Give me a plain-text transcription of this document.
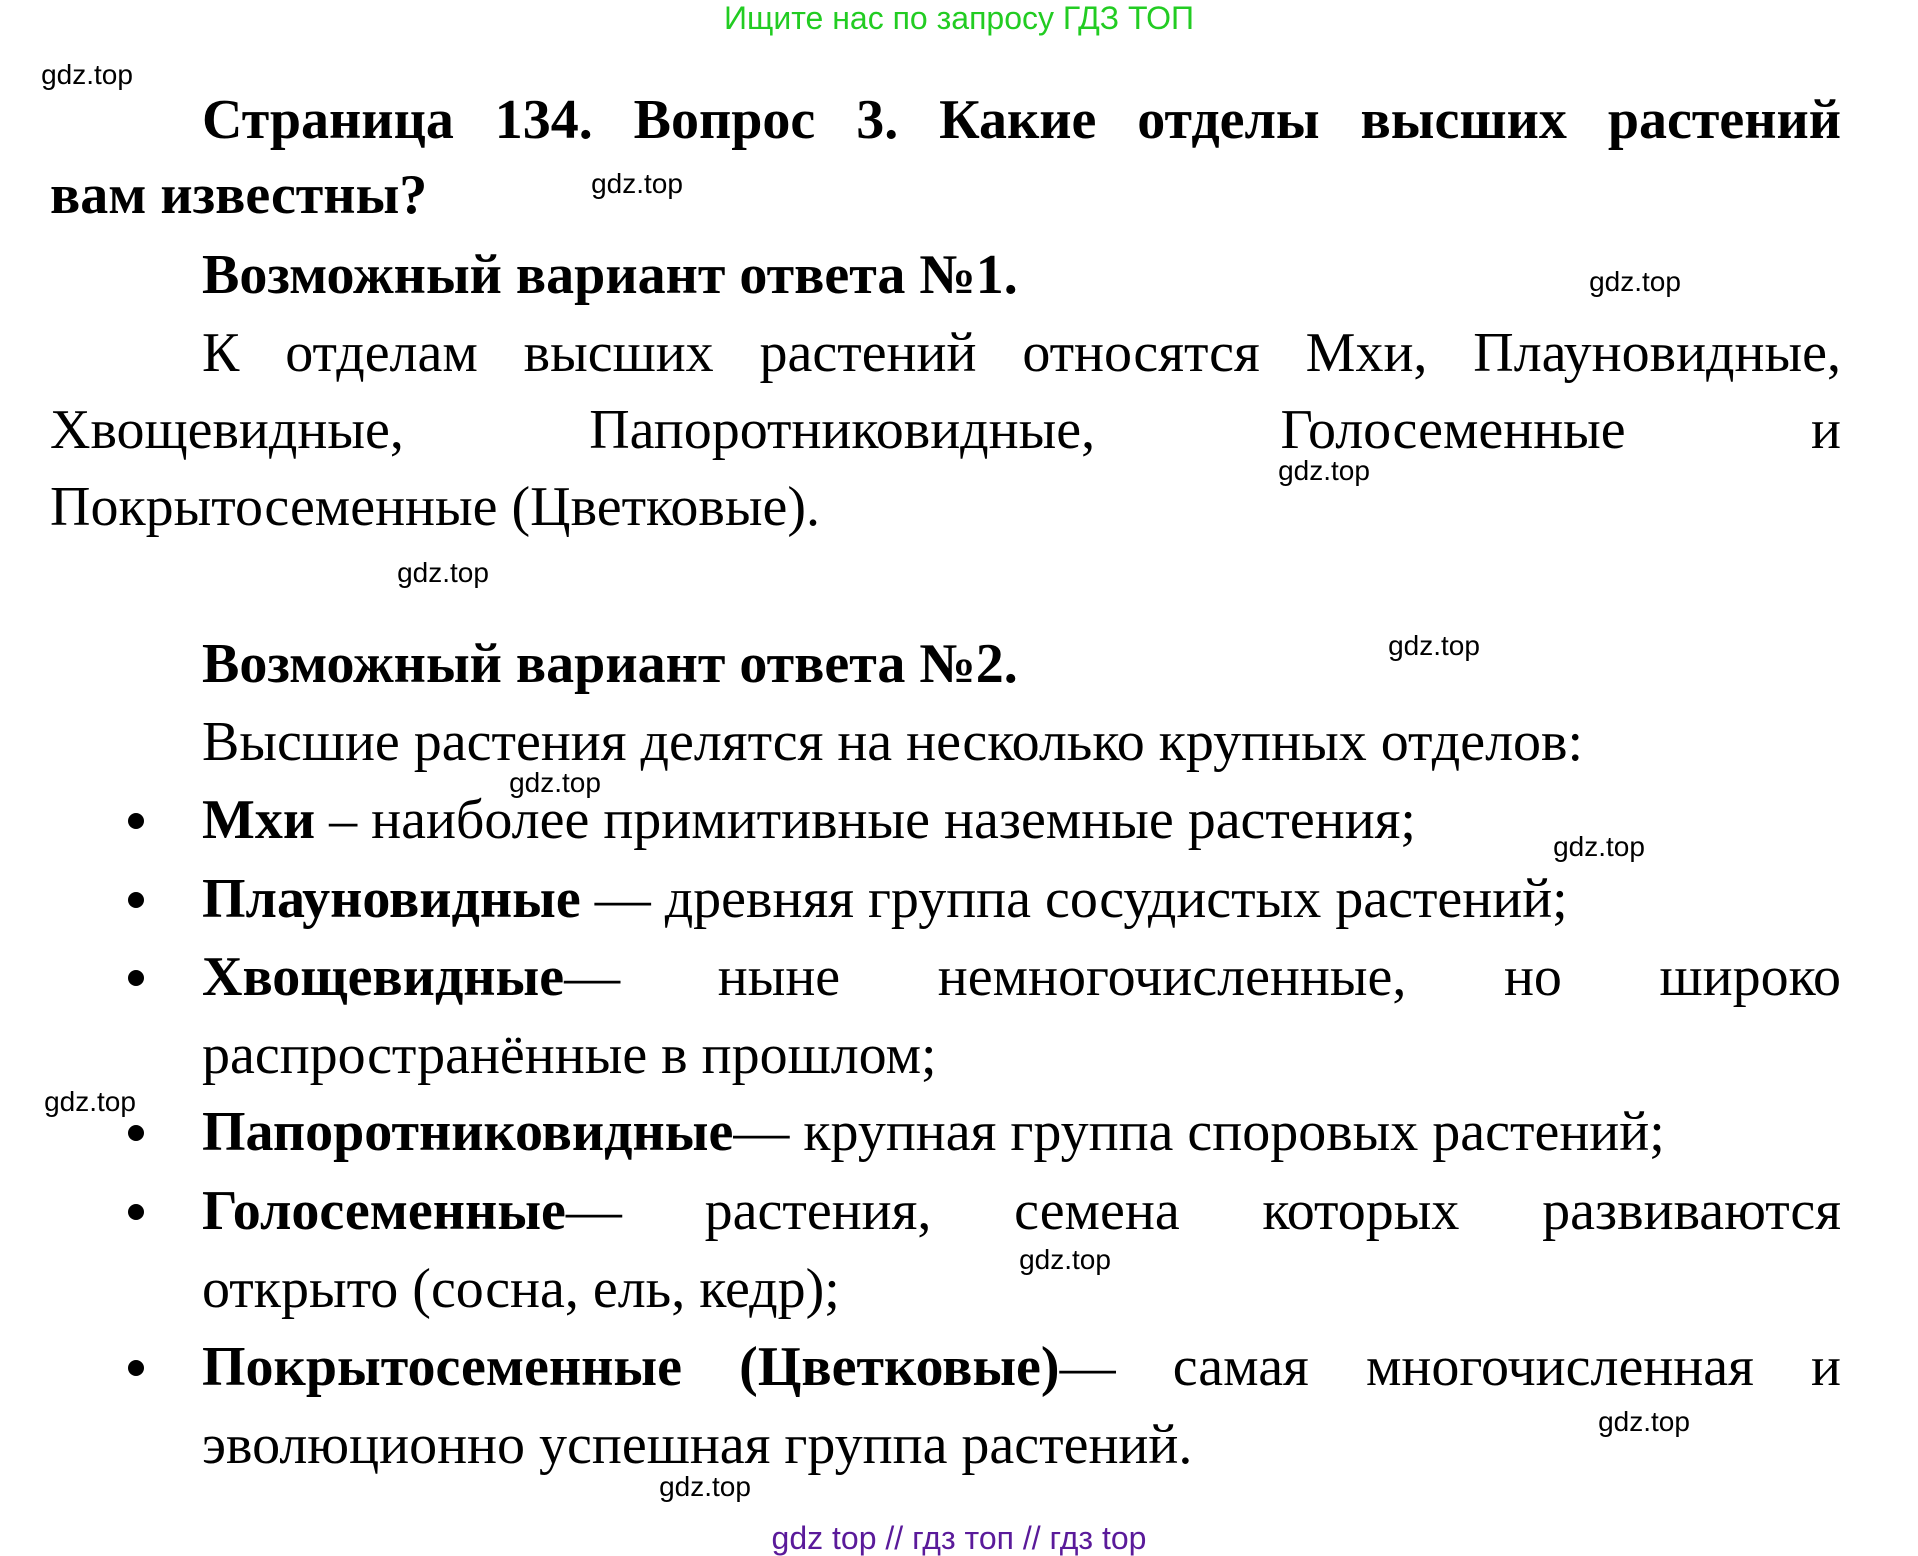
Ищите нас по запросу ГДЗ ТОП
Страница 134. Вопрос 3. Какие отделы высших растений
вам известны?
Возможный вариант ответа №1.
К отделам высших растений относятся Мхи, Плауновидные,
Хвощевидные, Папоротниковидные, Голосеменные и
Покрытосеменные (Цветковые).
Возможный вариант ответа №2.
Высшие растения делятся на несколько крупных отделов:
Мхи – наиболее примитивные наземные растения;
Плауновидные — древняя группа сосудистых растений;
Хвощевидные— ныне немногочисленные, но широко
распространённые в прошлом;
Папоротниковидные— крупная группа споровых растений;
Голосеменные— растения, семена которых развиваются
открыто (сосна, ель, кедр);
Покрытосеменные (Цветковые)— самая многочисленная и
эволюционно успешная группа растений.
gdz.top
gdz.top
gdz.top
gdz.top
gdz.top
gdz.top
gdz.top
gdz.top
gdz.top
gdz.top
gdz.top
gdz.top
gdz top // гдз топ // гдз top
